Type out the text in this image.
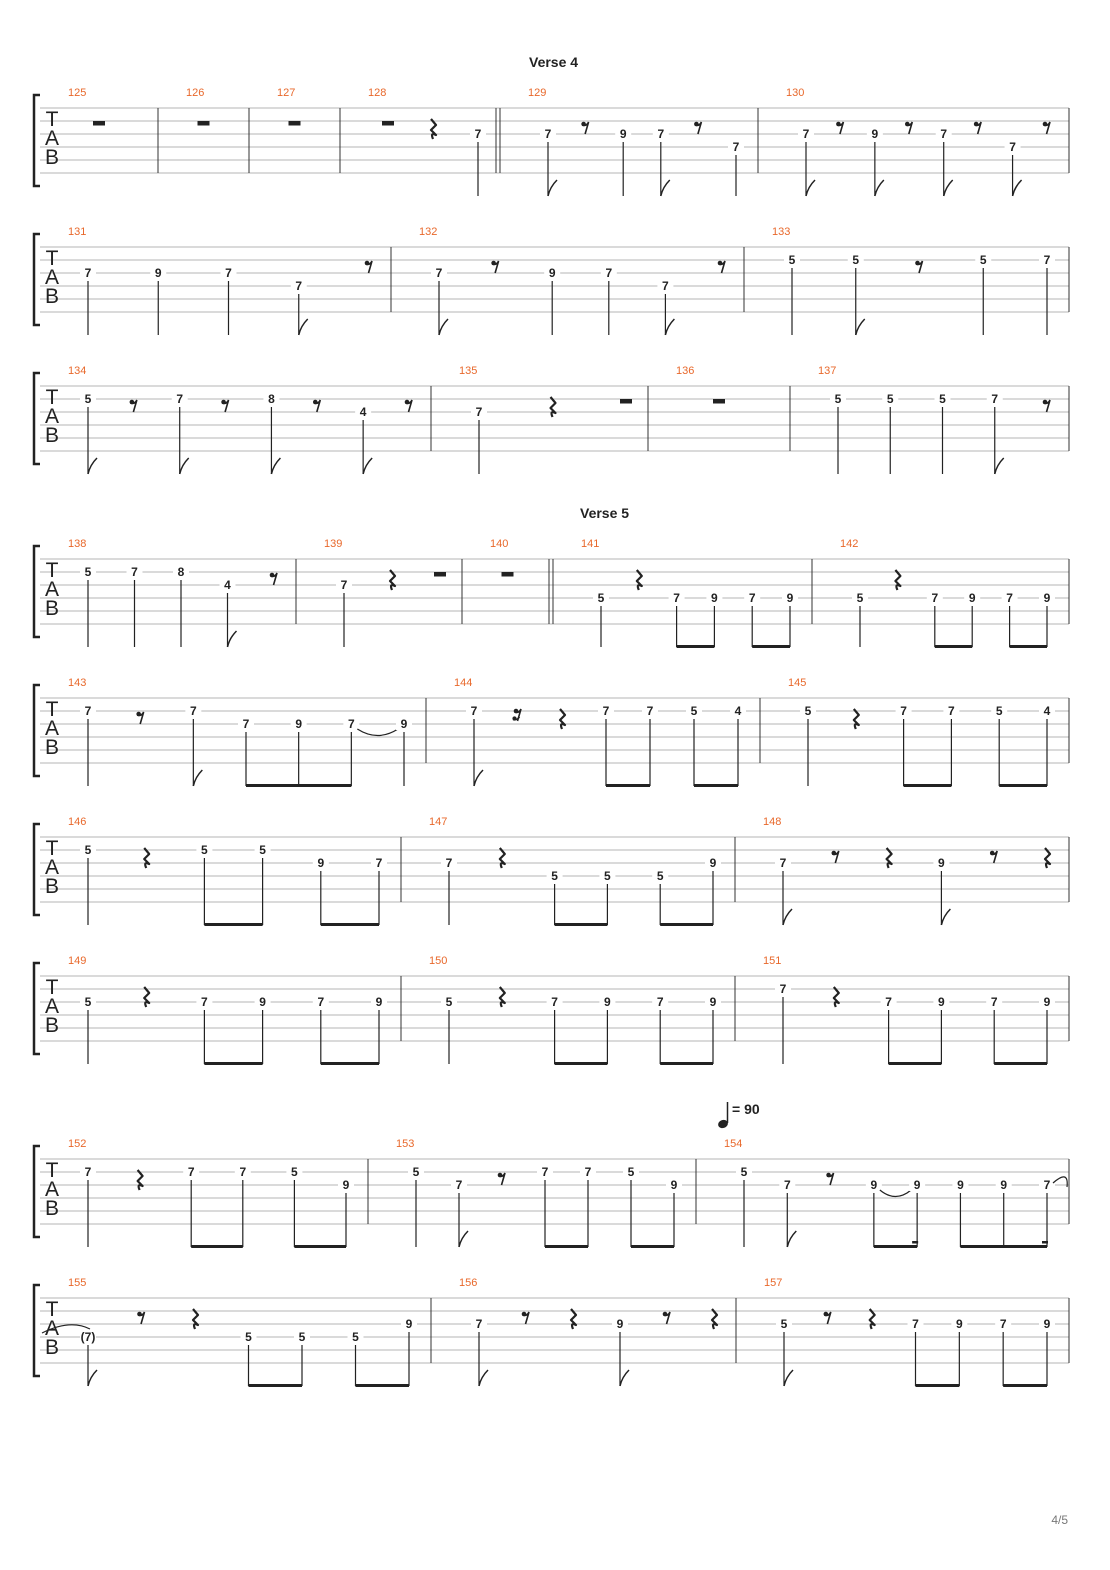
Verse 4
Verse 5
= 90
4/5
T
A
B
125	126	127	128
7
129
7	9	7
7
130
7	9	7
7
T
A
B
131
7	9	7
7
132
7	9	7
7
133
5	5	5	7
T
A
B
134
5	7	8
4
135
7
136	137
5	5	5	7
T
A
B
138
5	7	8
4
139
7
140	141
5	7	9	7	9
142
5	7	9	7	9
T
A
B
143
7	7
7	9	7	9
144
7	7	7	5	4
145
5	7	7	5	4
T
A
B
146
5	5	5
9	7
147
7
5	5	5
9
148
7	9
T
A
B
149
5	7	9	7	9
150
5	7	9	7	9
151
7
7	9	7	9
T
A
B
152
7	7	7	5
9
153
5
7
7	7	5
9
154
5
7	9	9	9	9	7
T
A
B
155
(7)	5	5	5
9
156
7	9
157
5	7	9	7	9
